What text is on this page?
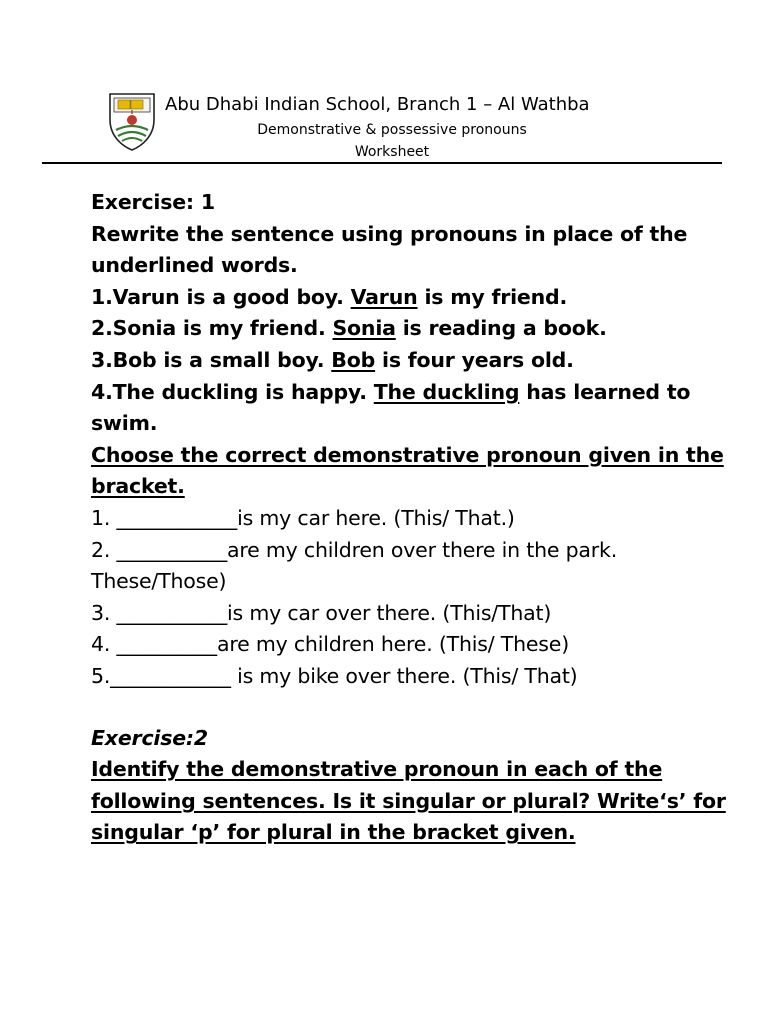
Abu Dhabi Indian School, Branch 1 – Al Wathba
Demonstrative & possessive pronouns
Worksheet
Exercise: 1
Rewrite the sentence using pronouns in place of the
underlined words.
1.Varun is a good boy. Varun is my friend.
2.Sonia is my friend. Sonia is reading a book.
3.Bob is a small boy. Bob is four years old.
4.The duckling is happy. The duckling has learned to
swim.
Choose the correct demonstrative pronoun given in the
bracket.
1. ____________is my car here. (This/ That.)
2. ___________are my children over there in the park.
These/Those)
3. ___________is my car over there. (This/That)
4. __________are my children here. (This/ These)
5.____________ is my bike over there. (This/ That)
Exercise:2
Identify the demonstrative pronoun in each of the
following sentences. Is it singular or plural? Write‘s’ for
singular ‘p’ for plural in the bracket given.
